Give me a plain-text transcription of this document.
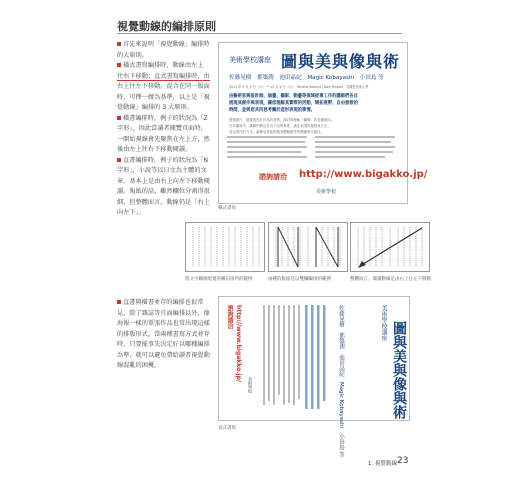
視覺動線的編排原則

首先來說明「視覺動線」編排時

的大原則。

橫式書寫編排時，動線由左上

往右下移動；直式書寫編排時，由

右上往左下移動。混合在同一版面

時，可擇一做為基準，以上是「視

覺動線」編排的 3 大原則。

橫書編排時，例子的狀況為「Z

字形」，因此當讀者閱覽頁面時，

一開始視線會先聚焦在左上方，然

後由左上往右下移動閱讀。

直書編排時，例子的狀況為「N

字形」，小說等以日文為主體的文

章。基本上是由右上向左下移動閱

讀。報紙的話，雖然欄位分割得很

細，但整體而言，動線仍是「右上

向左下」。

美術學校講座 圖與美與像與術
佐藤晃樹　都築潤　池田晶紀　Magic Kobayashi　小田島 等
2011 年 9 月 5 日（六）── 12 月 6 日（六）　Tanaka Satoshi / Daiji Hiroshi　武藏野美術大學
由藝術家與設計師，插畫、攝影、動畫等領域從事工作的講師們各自
展現其創作與表現，讓您理解其實際的活動，開拓視野、自由發想的
時間，並與您共同思考關於造形表現的事情。
透過照片、插畫與設計作品的實例，探討與理解「圖像」的各種面向。
在本講座中，講師們將以各自不同的角度，講述表現的過程與方法。
並以實作的方式，讓參加者能夠親身體驗創作的樂趣與可能性。
諮詢請洽 http://www.bigakko.jp/
美術學校
橫式書寫
將文字橫條配置的橫向排列的範例	兩種的版面是以雙欄編排的範例	整體而言，閱讀動線是由右上往左下移動

直書與橫書並存的編排也很常

見，除了雜誌等頁面編排以外，像

海報一樣的單張作品也常出現這樣

的排版形式。當兩種書寫方式並存

時，只要能事先決定好以哪種編排

為準，就可以避免帶給讀者視覺動

線混亂的困擾。

諮詢請洽 http://www.bigakko.jp/
美術學校	佐藤晃樹　都築潤　池田晶紀　Magic Kobayashi　小田島 等	美術學校講座 圖與美與像與術
直式書寫
1. 視覺動線 23
